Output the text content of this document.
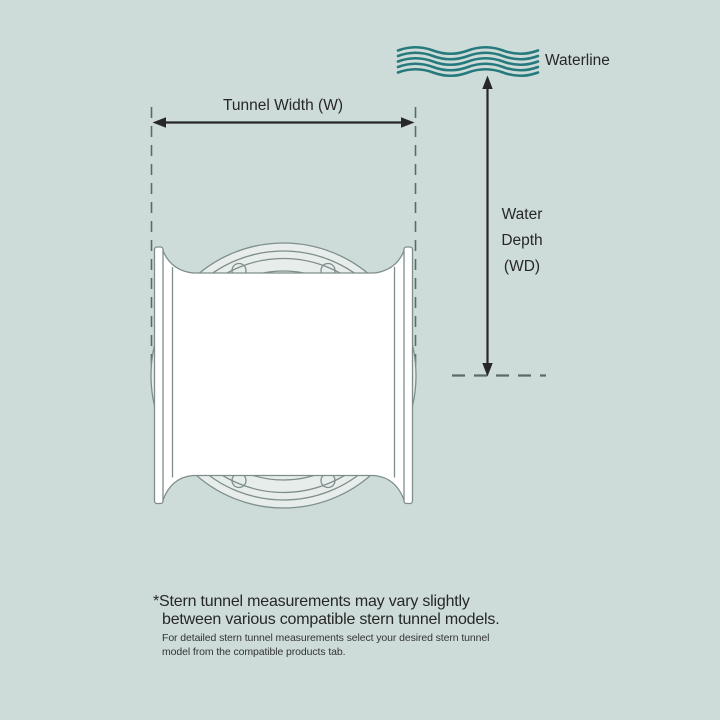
Tunnel Width (W)
Waterline
Water Depth (WD)
*Stern tunnel measurements may vary slightly between various compatible stern tunnel models.
For detailed stern tunnel measurements select your desired stern tunnel model from the compatible products tab.
